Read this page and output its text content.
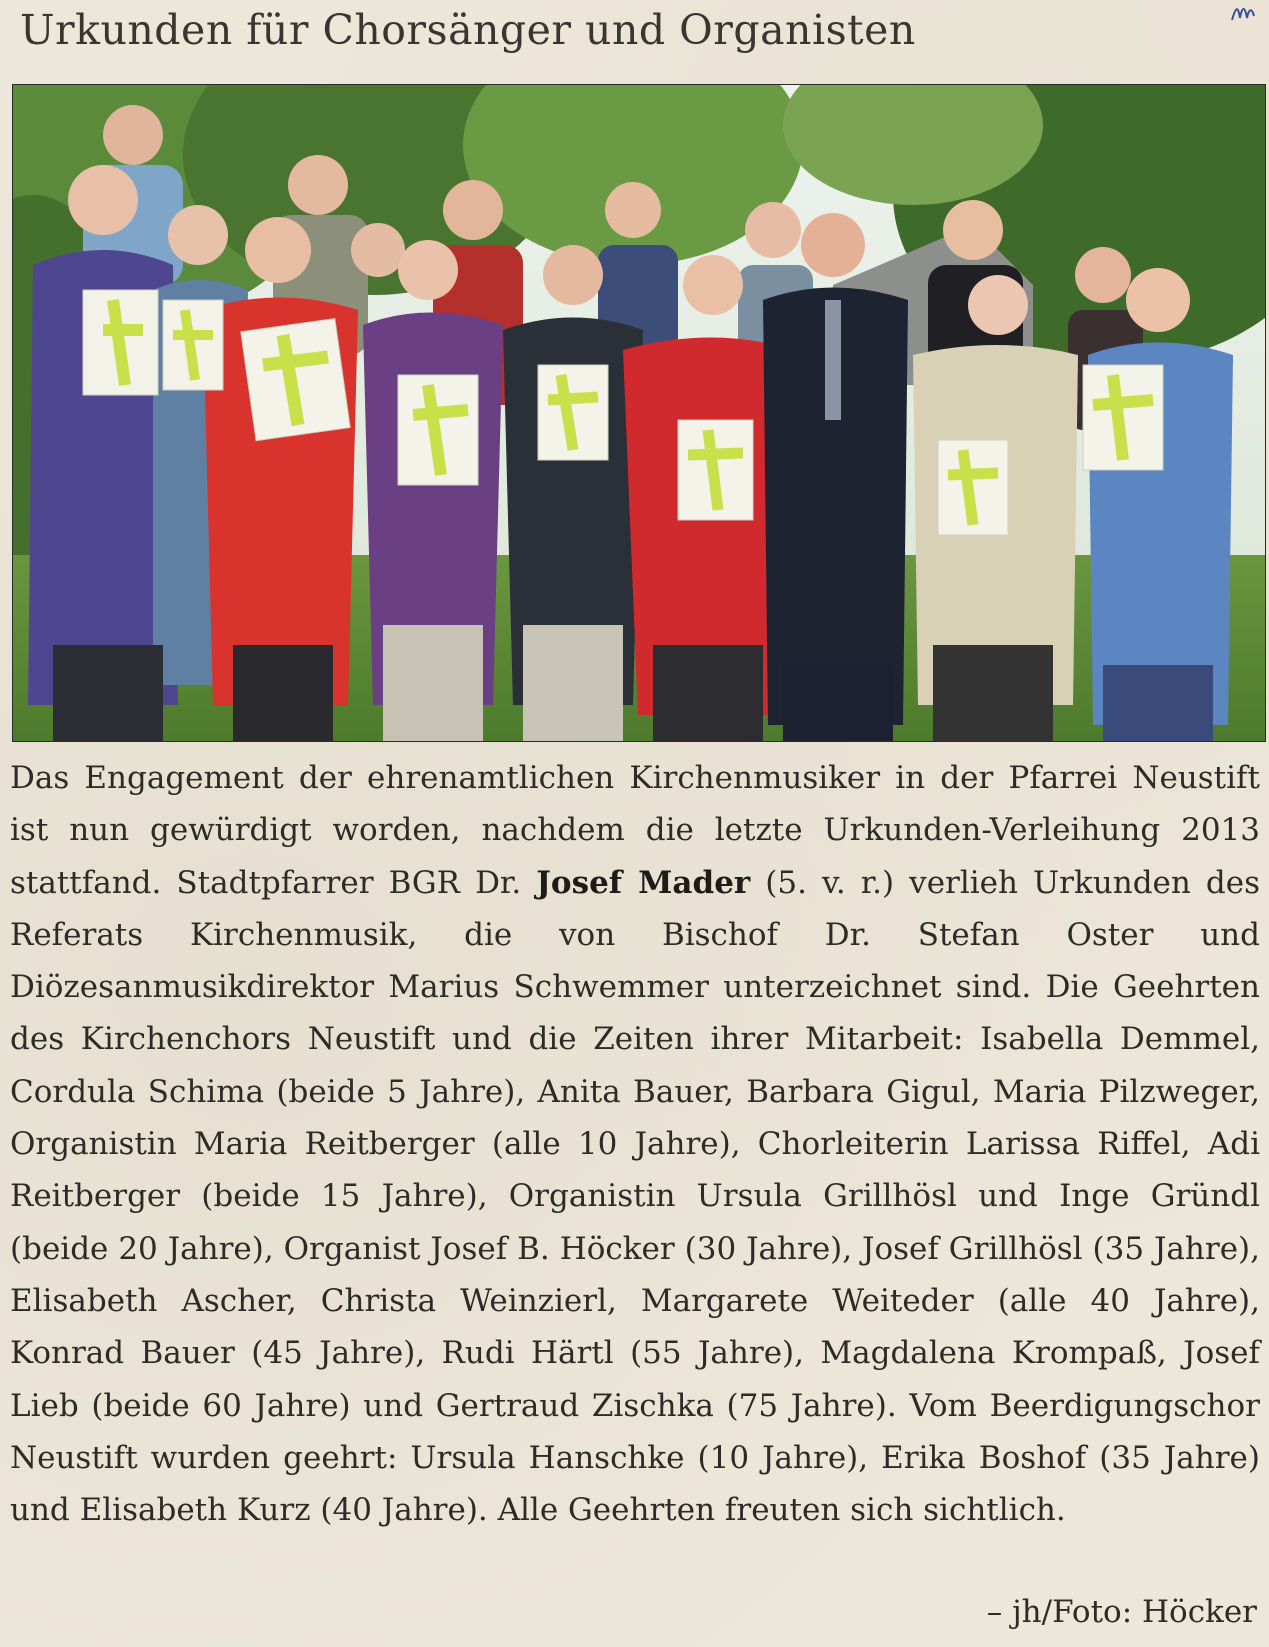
Urkunden für Chorsänger und Organisten

Das Engagement der ehrenamtlichen Kirchenmusiker in der Pfarrei Neustift ist nun gewürdigt worden, nachdem die letzte Urkunden-Verleihung 2013 stattfand. Stadtpfarrer BGR Dr. Josef Mader (5. v. r.) verlieh Urkunden des Referats Kirchenmusik, die von Bischof Dr. Stefan Oster und Diözesanmusikdirektor Marius Schwemmer unterzeichnet sind. Die Geehrten des Kirchenchors Neustift und die Zeiten ihrer Mitarbeit: Isabella Demmel, Cordula Schima (beide 5 Jahre), Anita Bauer, Barbara Gigul, Maria Pilzweger, Organistin Maria Reitberger (alle 10 Jahre), Chorleiterin Larissa Riffel, Adi Reitberger (beide 15 Jahre), Organistin Ursula Grillhösl und Inge Gründl (beide 20 Jahre), Organist Josef B. Höcker (30 Jahre), Josef Grillhösl (35 Jahre), Elisabeth Ascher, Christa Weinzierl, Margarete Weiteder (alle 40 Jahre), Konrad Bauer (45 Jahre), Rudi Härtl (55 Jahre), Magdalena Krompaß, Josef Lieb (beide 60 Jahre) und Gertraud Zischka (75 Jahre). Vom Beerdigungschor Neustift wurden geehrt: Ursula Hanschke (10 Jahre), Erika Boshof (35 Jahre) und Elisabeth Kurz (40 Jahre). Alle Geehrten freuten sich sichtlich.

– jh/Foto: Höcker
